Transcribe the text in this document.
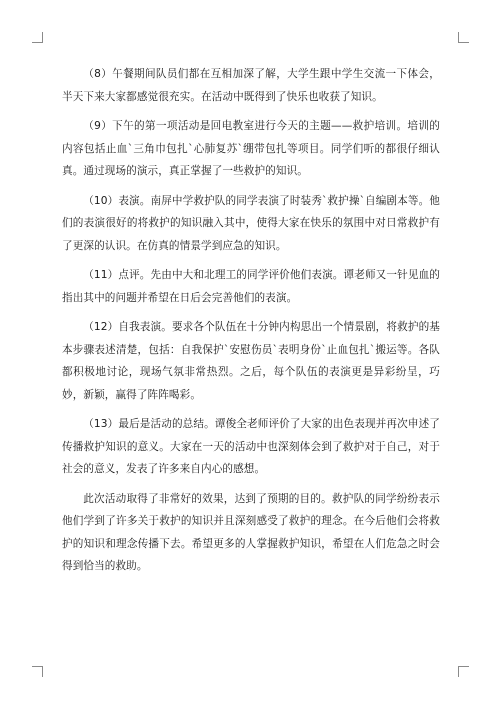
（8）午餐期间队员们都在互相加深了解，大学生跟中学生交流一下体会，半天下来大家都感觉很充实。在活动中既得到了快乐也收获了知识。

（9）下午的第一项活动是回电教室进行今天的主题——救护培训。培训的内容包括止血`三角巾包扎`心肺复苏`绷带包扎等项目。同学们听的都很仔细认真。通过现场的演示，真正掌握了一些救护的知识。

（10）表演。南屏中学救护队的同学表演了时装秀`救护操`自编剧本等。他们的表演很好的将救护的知识融入其中，使得大家在快乐的氛围中对日常救护有了更深的认识。在仿真的情景学到应急的知识。

（11）点评。先由中大和北理工的同学评价他们表演。谭老师又一针见血的指出其中的问题并希望在日后会完善他们的表演。

（12）自我表演。要求各个队伍在十分钟内构思出一个情景剧，将救护的基本步骤表述清楚，包括：自我保护`安慰伤员`表明身份`止血包扎`搬运等。各队都积极地讨论，现场气氛非常热烈。之后，每个队伍的表演更是异彩纷呈，巧妙，新颖，赢得了阵阵喝彩。

（13）最后是活动的总结。谭俊全老师评价了大家的出色表现并再次申述了传播救护知识的意义。大家在一天的活动中也深刻体会到了救护对于自己，对于社会的意义，发表了许多来自内心的感想。

此次活动取得了非常好的效果，达到了预期的目的。救护队的同学纷纷表示他们学到了许多关于救护的知识并且深刻感受了救护的理念。在今后他们会将救护的知识和理念传播下去。希望更多的人掌握救护知识，希望在人们危急之时会得到恰当的救助。
